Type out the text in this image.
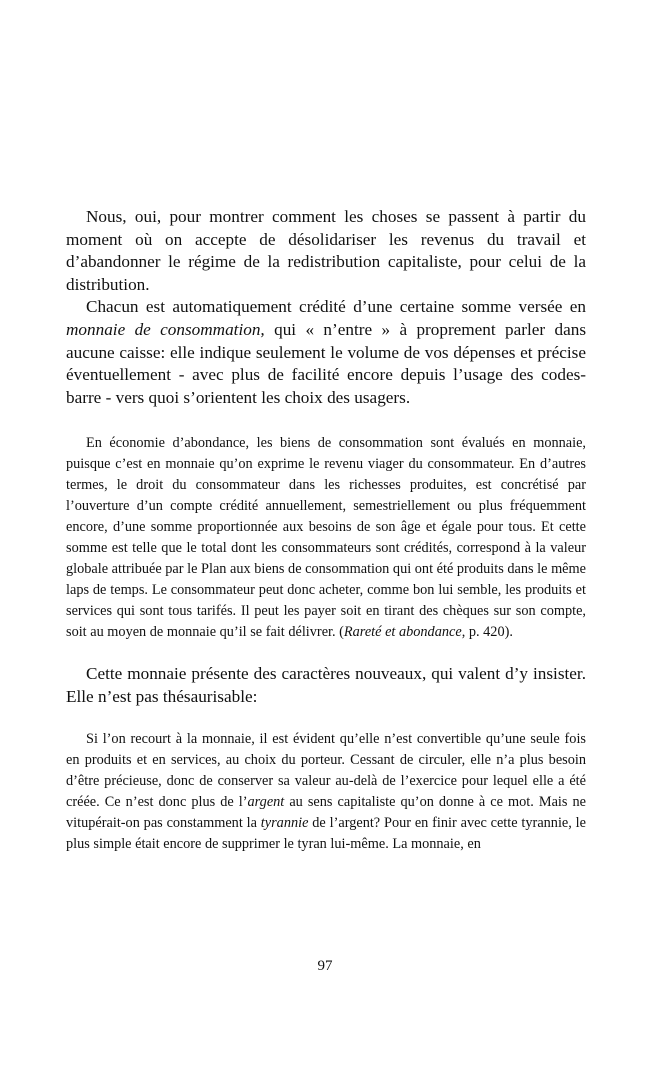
Nous, oui, pour montrer comment les choses se passent à partir du moment où on accepte de désolidariser les revenus du travail et d’abandonner le régime de la redistribution capitaliste, pour celui de la distribution.

Chacun est automatiquement crédité d’une certaine somme versée en monnaie de consommation, qui « n’entre » à proprement parler dans aucune caisse: elle indique seulement le volume de vos dépenses et précise éventuellement - avec plus de facilité encore depuis l’usage des codes-barre - vers quoi s’orientent les choix des usagers.

En économie d’abondance, les biens de consommation sont évalués en monnaie, puisque c’est en monnaie qu’on exprime le revenu viager du consommateur. En d’autres termes, le droit du consommateur dans les richesses produites, est concrétisé par l’ouverture d’un compte crédité annuellement, semestriellement ou plus fréquemment encore, d’une somme proportionnée aux besoins de son âge et égale pour tous. Et cette somme est telle que le total dont les consommateurs sont crédités, correspond à la valeur globale attribuée par le Plan aux biens de consommation qui ont été produits dans le même laps de temps. Le consommateur peut donc acheter, comme bon lui semble, les produits et services qui sont tous tarifés. Il peut les payer soit en tirant des chèques sur son compte, soit au moyen de monnaie qu’il se fait délivrer. (Rareté et abondance, p. 420).

Cette monnaie présente des caractères nouveaux, qui valent d’y insister. Elle n’est pas thésaurisable:

Si l’on recourt à la monnaie, il est évident qu’elle n’est convertible qu’une seule fois en produits et en services, au choix du porteur. Cessant de circuler, elle n’a plus besoin d’être précieuse, donc de conserver sa valeur au-delà de l’exercice pour lequel elle a été créée. Ce n’est donc plus de l’argent au sens capitaliste qu’on donne à ce mot. Mais ne vitupérait-on pas constamment la tyrannie de l’argent? Pour en finir avec cette tyrannie, le plus simple était encore de supprimer le tyran lui-même. La monnaie, en

97
